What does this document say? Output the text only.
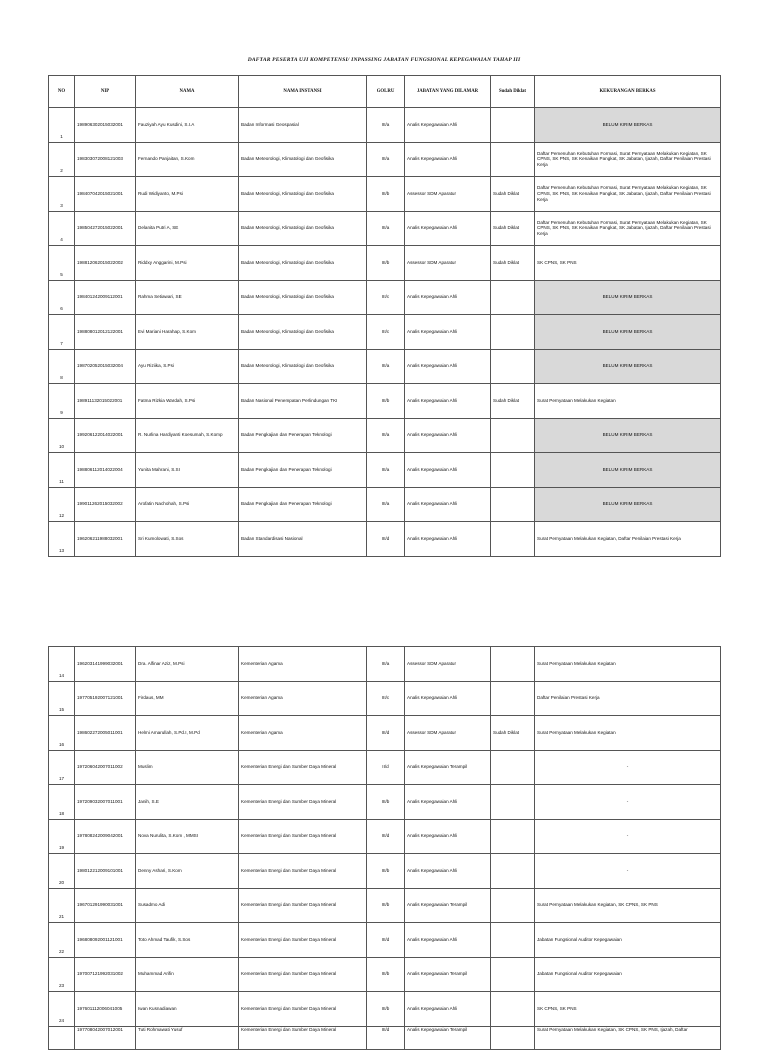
DAFTAR PESERTA UJI KOMPETENSI/ INPASSING JABATAN FUNGSIONAL KEPEGAWAIAN TAHAP III
NO	NIP	NAMA	NAMA INSTANSI	GOLRU	JABATAN YANG DILAMAR	Sudah Diklat	KEKURANGAN BERKAS
1	198906302015032001	Fauziyah Ayu Kusdini, S.I.A	Badan Informasi Geospasial	III/a	Analis Kepegawaian Ahli		BELUM KIRIM BERKAS
2	198303072008121003	Fernando Panjaitan, S.Kom	Badan Meteorologi, Klimatologi dan Geofisika	III/a	Analis Kepegawaian Ahli		Daftar Pemenuhan Kebutuhan Formasi, Surat Pernyataan Melakukan Kegiatan, SK CPNS, SK PNS, SK Kenaikan Pangkat, SK Jabatan, Ijazah, Daftar Penilaian Prestasi Kerja
3	198407042015021001	Rudi Widiyanto, M.Psi	Badan Meteorologi, Klimatologi dan Geofisika	III/b	Assessor SDM Aparatur	Sudah Diklat	Daftar Pemenuhan Kebutuhan Formasi, Surat Pernyataan Melakukan Kegiatan, SK CPNS, SK PNS, SK Kenaikan Pangkat, SK Jabatan, Ijazah, Daftar Penilaian Prestasi Kerja
4	198504272015022001	Delanita Putri A, SE	Badan Meteorologi, Klimatologi dan Geofisika	III/a	Analis Kepegawaian Ahli	Sudah Diklat	Daftar Pemenuhan Kebutuhan Formasi, Surat Pernyataan Melakukan Kegiatan, SK CPNS, SK PNS, SK Kenaikan Pangkat, SK Jabatan, Ijazah, Daftar Penilaian Prestasi Kerja
5	198812062015022002	Riddxy Anggarini, M.Psi	Badan Meteorologi, Klimatologi dan Geofisika	III/b	Assessor SDM Aparatur	Sudah Diklat	SK CPNS, SK PNS
6	198401242009112001	Rahma Setiawari, SE	Badan Meteorologi, Klimatologi dan Geofisika	III/c	Analis Kepegawaian Ahli		BELUM KIRIM BERKAS
7	198808012012122001	Evi Mariani Harahap, S.Kom	Badan Meteorologi, Klimatologi dan Geofisika	III/c	Analis Kepegawaian Ahli		BELUM KIRIM BERKAS
8	198702052015032004	Ayu Riziika, S.Psi	Badan Meteorologi, Klimatologi dan Geofisika	III/a	Analis Kepegawaian Ahli		BELUM KIRIM BERKAS
9	198911132015022001	Fatma Rizkia Wardah, S.Psi	Badan Nasional Penempatan Perlindungan TKI	III/b	Analis Kepegawaian Ahli	Sudah Diklat	Surat Pernyataan Melakukan Kegiatan
10	199206122014022001	R. Nurlina Hardiyanti Koesumah, S.Komp	Badan Pengkajian dan Penerapan Teknologi	III/a	Analis Kepegawaian Ahli		BELUM KIRIM BERKAS
11	198806112014022004	Yunita Mahrani, S.SI	Badan Pengkajian dan Penerapan Teknologi	III/a	Analis Kepegawaian Ahli		BELUM KIRIM BERKAS
12	199011262015032002	Arofatin Nachohah, S.Psi	Badan Pengkajian dan Penerapan Teknologi	III/a	Analis Kepegawaian Ahli		BELUM KIRIM BERKAS
13	196206211988032001	Sri Kumolowati, S.Sos	Badan Standardisasi Nasional	III/d	Analis Kepegawaian Ahli		Surat Pernyataan Melakukan Kegiatan, Daftar Penilaian Prestasi Kerja
14	196203141999032001	Dra. Alfinar Aziz, M.Psi	Kementerian Agama	III/a	Assessor SDM Aparatur		Surat Pernyataan Melakukan Kegiatan
15	197705192007121001	Firdaus, MM	Kementerian Agama	III/c	Analis Kepegawaian Ahli		Daftar Penilaian Prestasi Kerja
16	198602272005011001	Helmi Amarullah, S.Pd.I, M.Pd	Kementerian Agama	III/d	Assessor SDM Aparatur	Sudah Diklat	Surat Pernyataan Melakukan Kegiatan
17	197206042007011002	Muslim	Kementerian Energi dan Sumber Daya Mineral	II/d	Analis Kepegawaian Terampil		-
18	197209032007011001	Janih, S.E	Kementerian Energi dan Sumber Daya Mineral	III/b	Analis Kepegawaian Ahli		-
19	197808242009042001	Nova Nurulita, S.Kom , MMSI	Kementerian Energi dan Sumber Daya Mineral	III/d	Analis Kepegawaian Ahli		-
20	198012212009101001	Denny Ashari, S.Kom	Kementerian Energi dan Sumber Daya Mineral	III/b	Analis Kepegawaian Ahli		-
21	196701291990031001	Susadmo Adi	Kementerian Energi dan Sumber Daya Mineral	III/b	Analis Kepegawaian Terampil		Surat Pernyataan Melakukan Kegiatan, SK CPNS, SK PNS
22	196808092001121001	Toto Ahmad Taufik, S.Sos	Kementerian Energi dan Sumber Daya Mineral	III/d	Analis Kepegawaian Ahli		Jabatan Fungsional Auditor Kepegawaian
23	197007121992031002	Muhammad Arifin	Kementerian Energi dan Sumber Daya Mineral	III/b	Analis Kepegawaian Terampil		Jabatan Fungsional Auditor Kepegawaian
24	197601112006041005	Iwan Kusnadiawan	Kementerian Energi dan Sumber Daya Mineral	III/b	Analis Kepegawaian Ahli		SK CPNS, SK PNS
	197708042007012001	Tuti Rohmawati Yusuf	Kementerian Energi dan Sumber Daya Mineral	III/d	Analis Kepegawaian Terampil		Surat Pernyataan Melakukan Kegiatan, SK CPNS, SK PNS, Ijazah, Daftar
